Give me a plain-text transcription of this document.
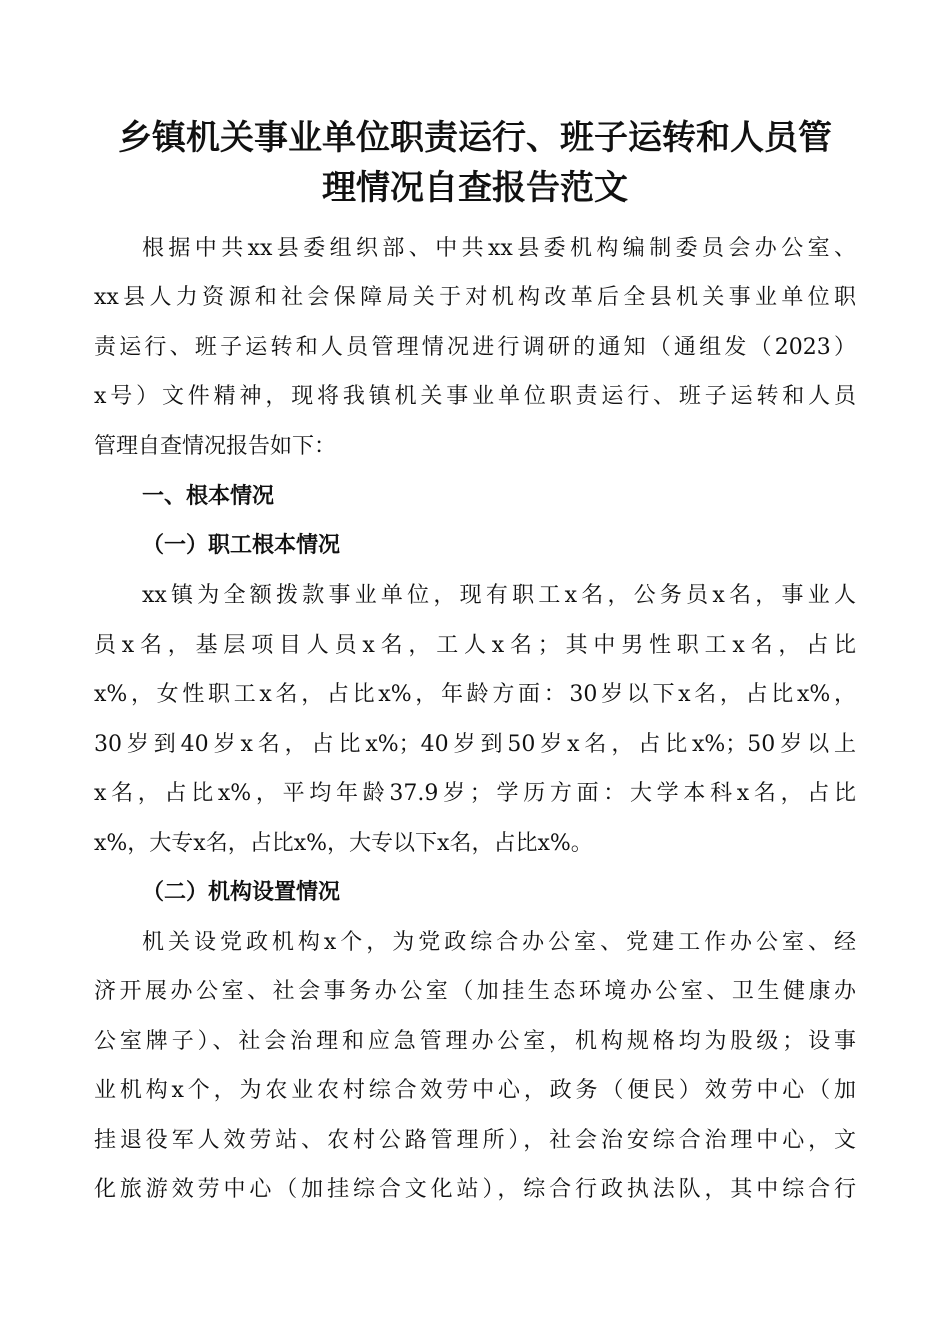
乡镇机关事业单位职责运行、班子运转和人员管
理情况自查报告范文
根据中共xx县委组织部、中共xx县委机构编制委员会办公室、
xx县人力资源和社会保障局关于对机构改革后全县机关事业单位职
责运行、班子运转和人员管理情况进行调研的通知（通组发（2023）
x号）文件精神，现将我镇机关事业单位职责运行、班子运转和人员
管理自查情况报告如下：
一、根本情况
（一）职工根本情况
xx镇为全额拨款事业单位，现有职工x名，公务员x名，事业人
员x名，基层项目人员x名，工人x名；其中男性职工x名，占比
x%，女性职工x名，占比x%，年龄方面：30岁以下x名，占比x%，
30岁到40岁x名，占比x%；40岁到50岁x名，占比x%；50岁以上
x名，占比x%，平均年龄37.9岁；学历方面：大学本科x名，占比
x%，大专x名，占比x%，大专以下x名，占比x%。
（二）机构设置情况
机关设党政机构x个，为党政综合办公室、党建工作办公室、经
济开展办公室、社会事务办公室（加挂生态环境办公室、卫生健康办
公室牌子）、社会治理和应急管理办公室，机构规格均为股级；设事
业机构x个，为农业农村综合效劳中心，政务（便民）效劳中心（加
挂退役军人效劳站、农村公路管理所），社会治安综合治理中心，文
化旅游效劳中心（加挂综合文化站），综合行政执法队，其中综合行
